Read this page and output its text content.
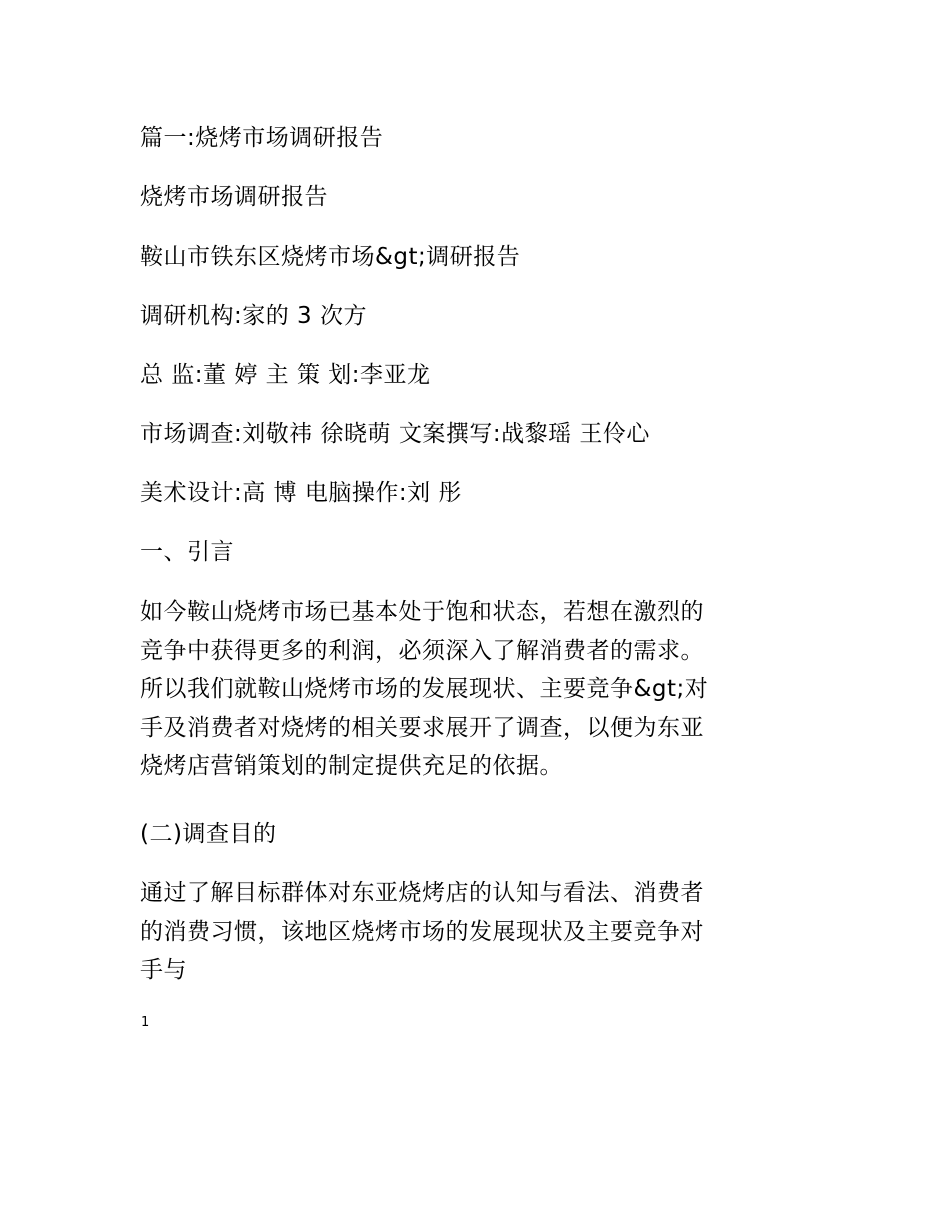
篇一:烧烤市场调研报告
烧烤市场调研报告
鞍山市铁东区烧烤市场&gt;调研报告
调研机构:家的 3 次方
总 监:董 婷 主 策 划:李亚龙
市场调查:刘敬祎 徐晓萌 文案撰写:战黎瑶 王伶心
美术设计:高 博 电脑操作:刘 彤
一、引言
如今鞍山烧烤市场已基本处于饱和状态，若想在激烈的
竞争中获得更多的利润，必须深入了解消费者的需求。
所以我们就鞍山烧烤市场的发展现状、主要竞争&gt;对
手及消费者对烧烤的相关要求展开了调查，以便为东亚
烧烤店营销策划的制定提供充足的依据。
(二)调查目的
通过了解目标群体对东亚烧烤店的认知与看法、消费者
的消费习惯，该地区烧烤市场的发展现状及主要竞争对
手与
1
